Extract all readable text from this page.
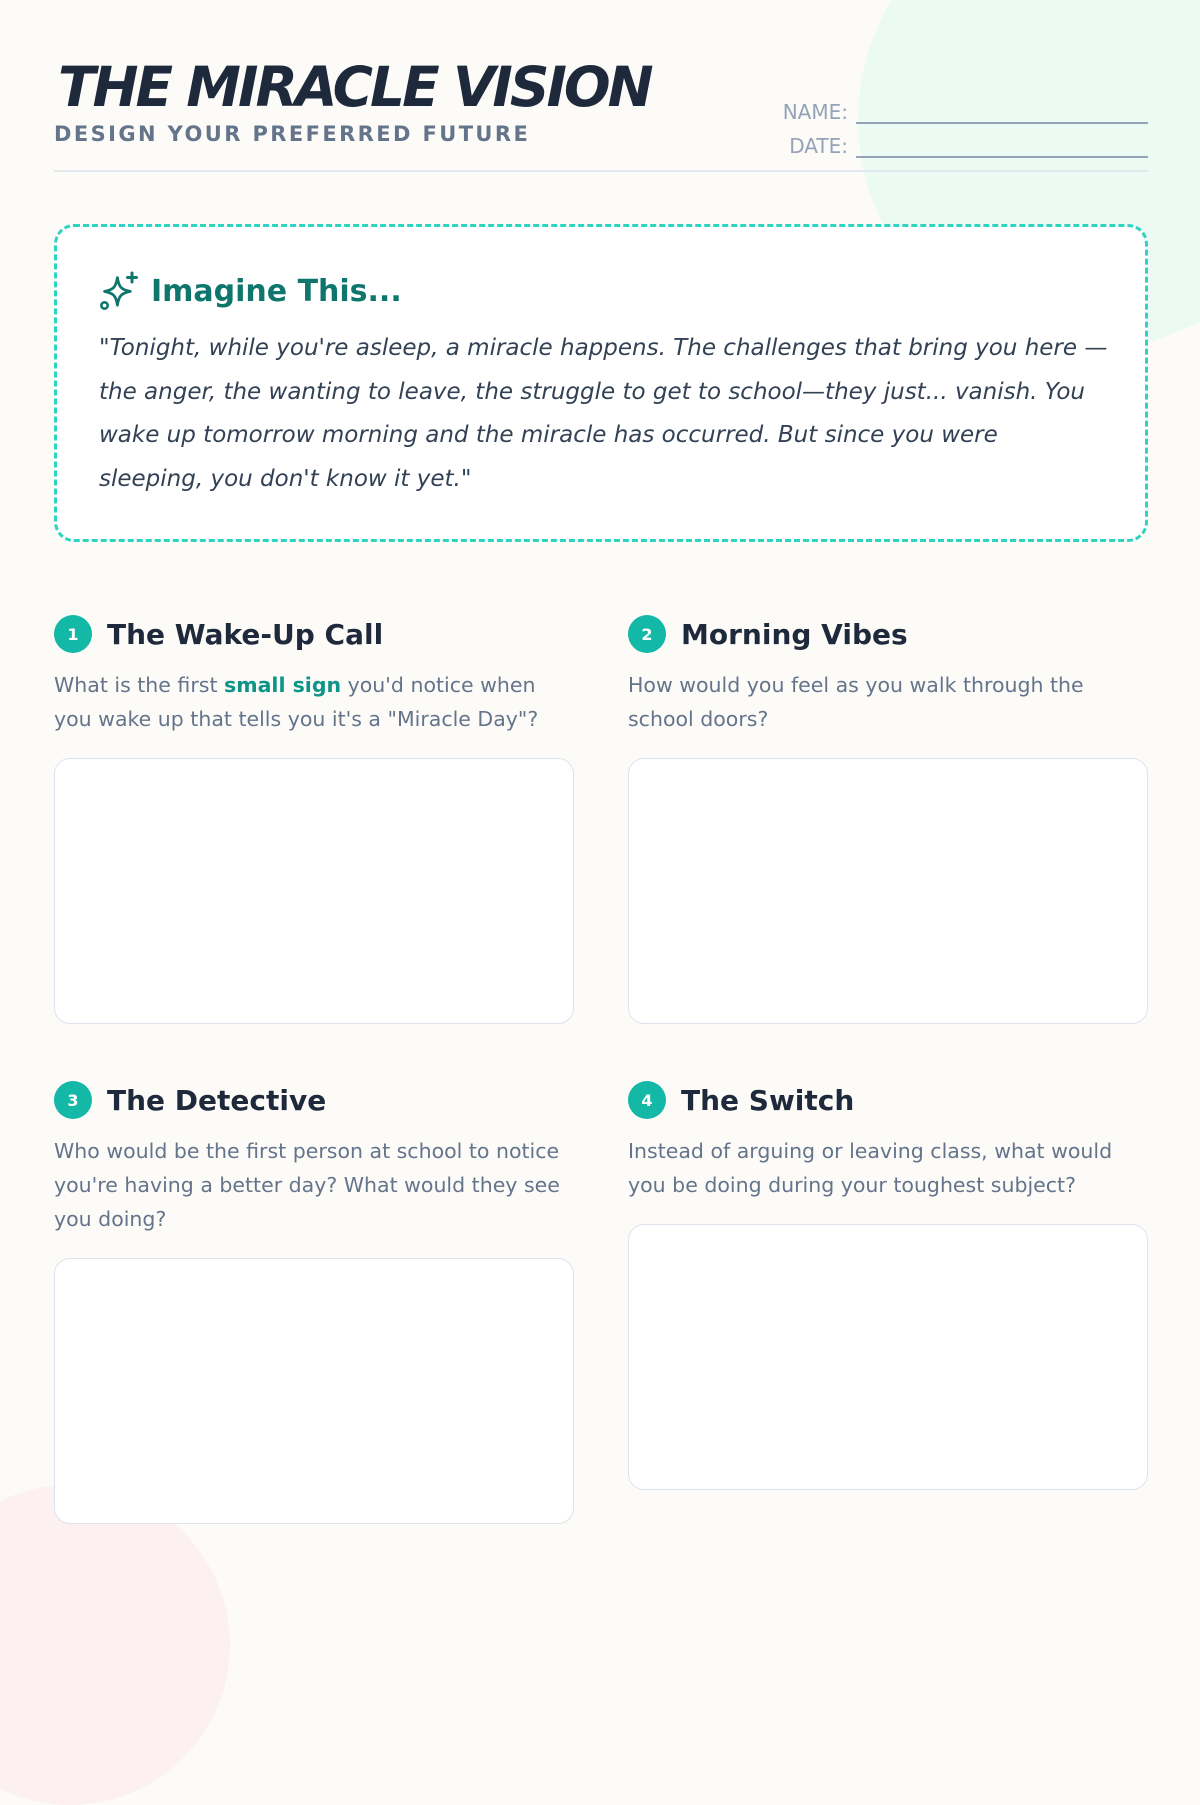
THE MIRACLE VISION
DESIGN YOUR PREFERRED FUTURE
NAME:
DATE:
Imagine This...

"Tonight, while you're asleep, a miracle happens. The challenges that bring you here —the anger, the wanting to leave, the struggle to get to school—they just... vanish. You wake up tomorrow morning and the miracle has occurred. But since you were sleeping, you don't know it yet."

1	The Wake-Up Call

What is the first small sign you'd notice when you wake up that tells you it's a "Miracle Day"?

2	Morning Vibes

How would you feel as you walk through the school doors?

3	The Detective

Who would be the first person at school to notice you're having a better day? What would they see you doing?

4	The Switch

Instead of arguing or leaving class, what would you be doing during your toughest subject?
